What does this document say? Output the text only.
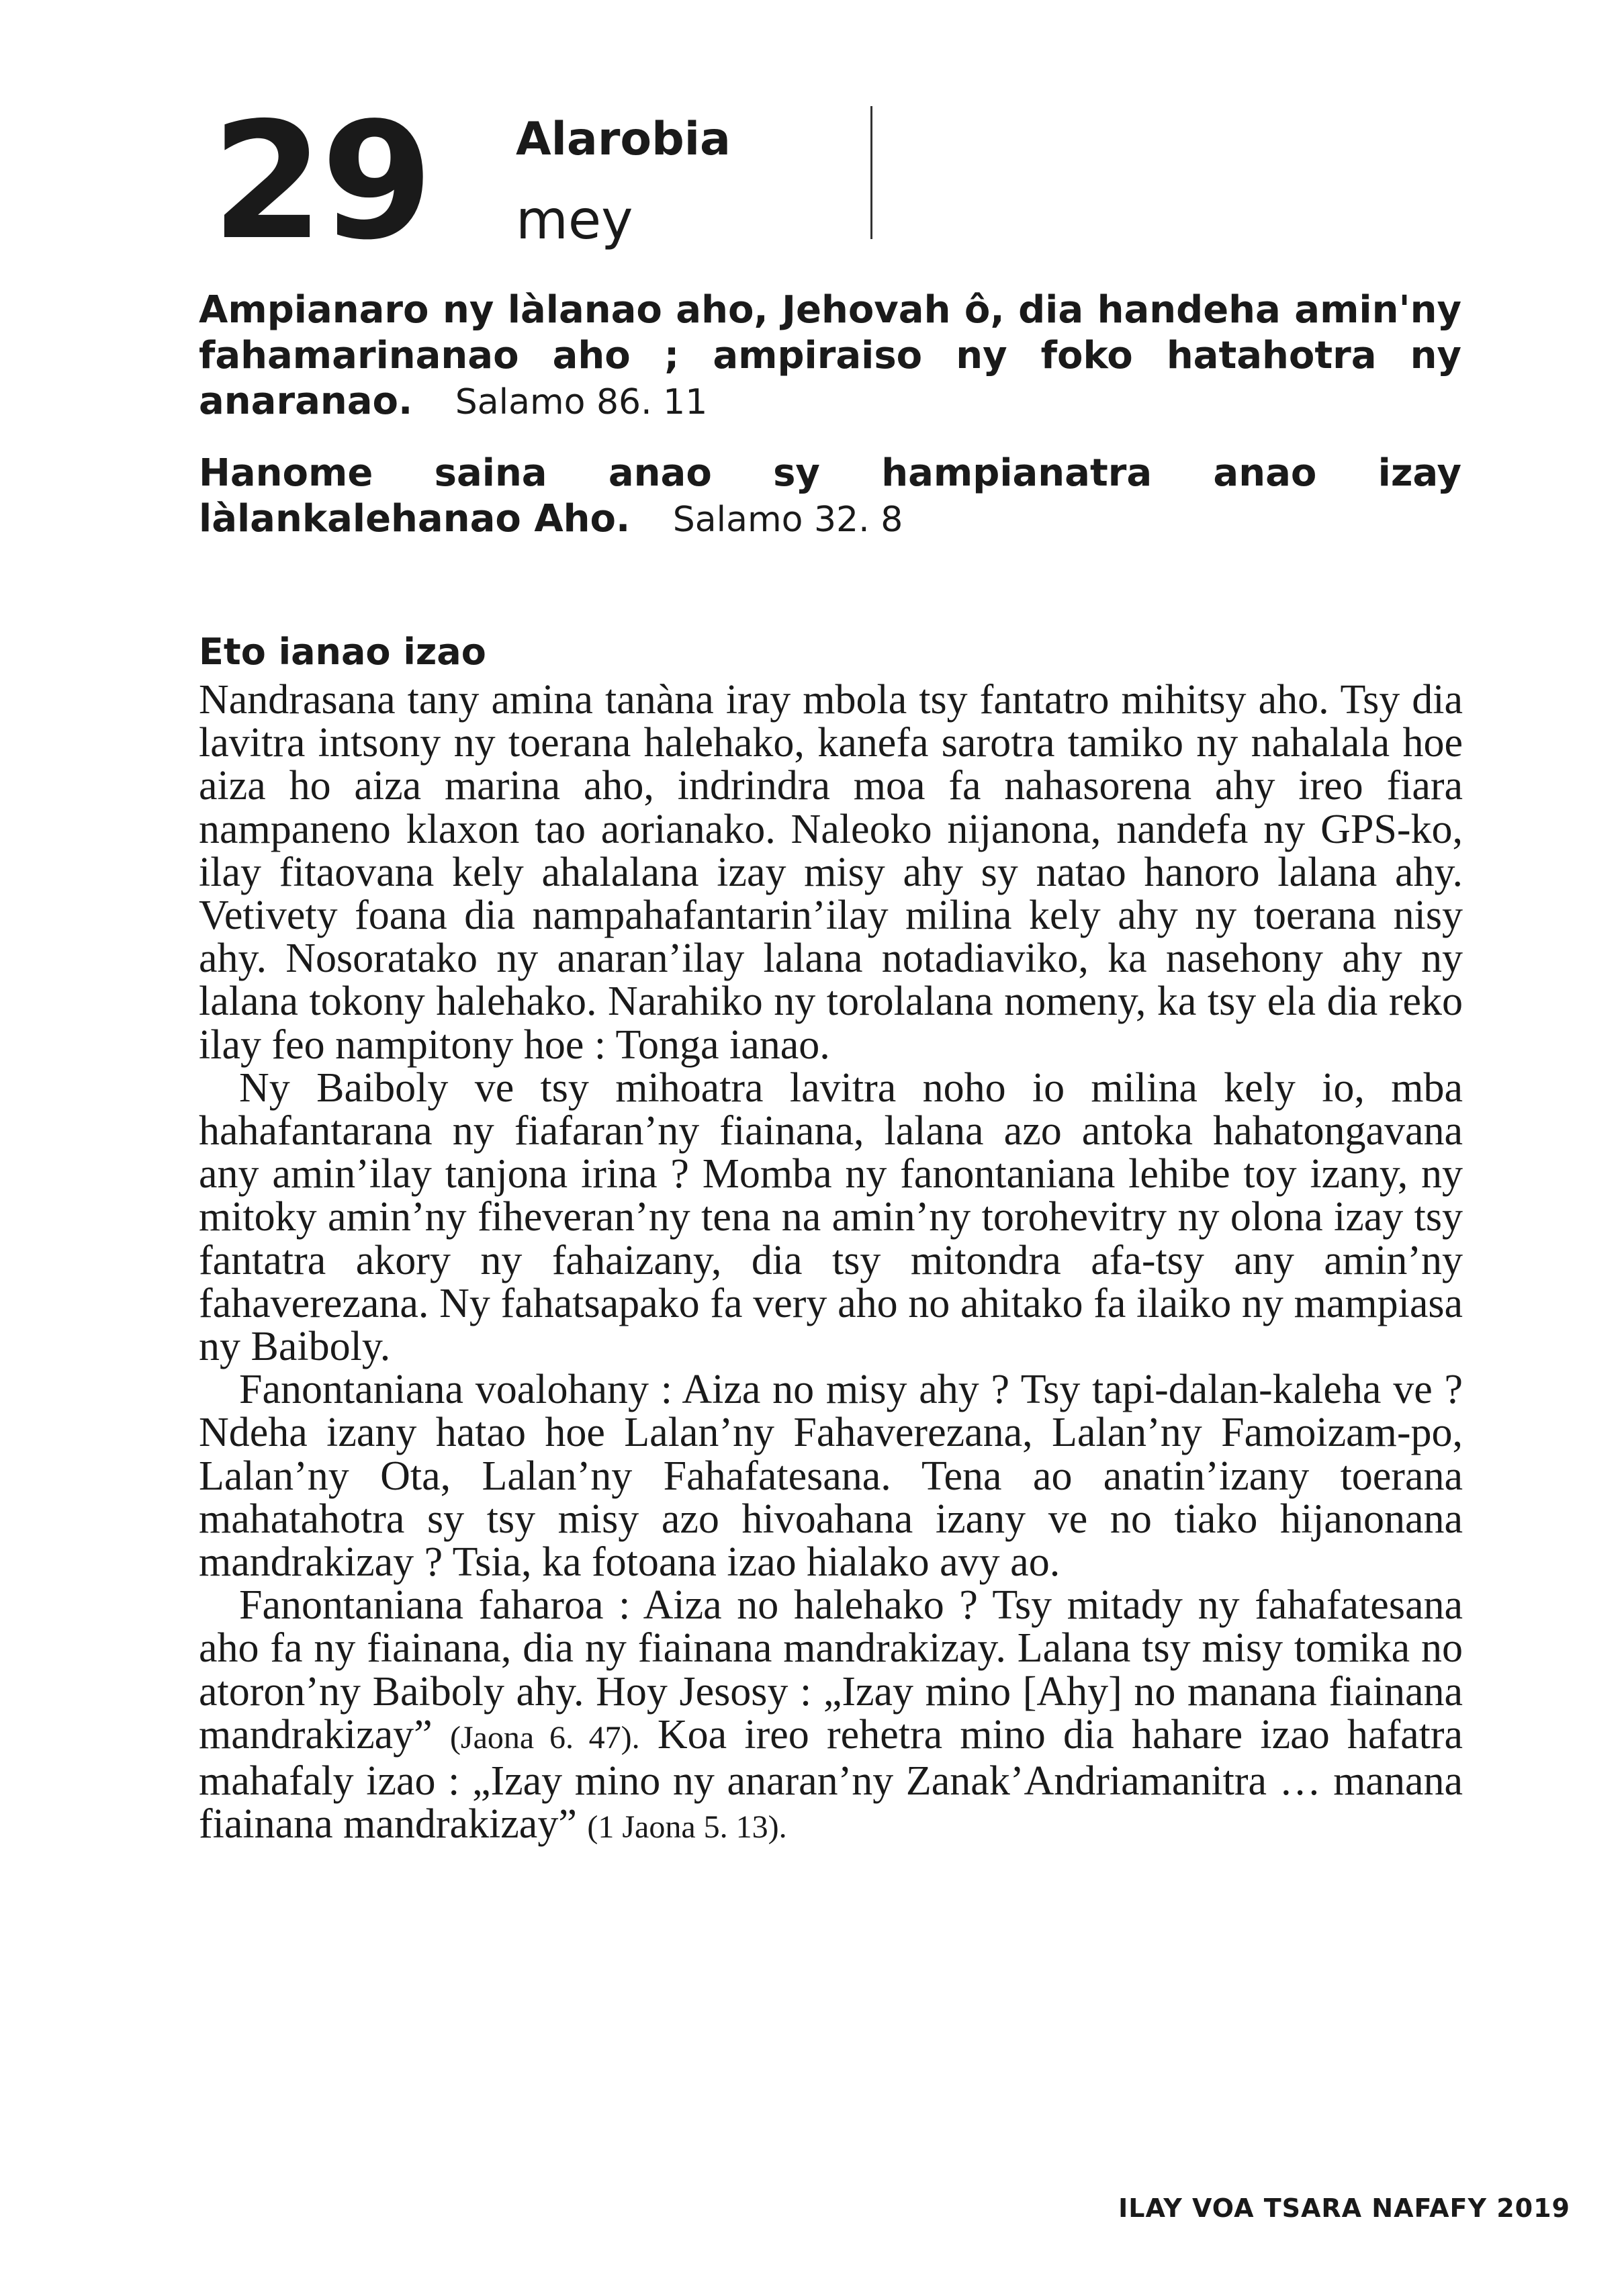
29 Alarobia
mey

Ampianaro ny làlanao aho, Jehovah ô, dia handeha amin'ny fahamarinanao aho ; ampiraiso ny foko hatahotra ny anaranao. Salamo 86. 11

Hanome saina anao sy hampianatra anao izay làlankalehanao Aho. Salamo 32. 8

Eto ianao izao

Nandrasana tany amina tanàna iray mbola tsy fantatro mihitsy aho. Tsy dia lavitra intsony ny toerana halehako, kanefa sarotra tamiko ny nahalala hoe aiza ho aiza marina aho, indrindra moa fa nahasorena ahy ireo fiara nampaneno klaxon tao aorianako. Naleoko nijanona, nandefa ny GPS-ko, ilay fitaovana kely ahalalana izay misy ahy sy natao hanoro lalana ahy. Vetivety foana dia nampahafantarin’ilay milina kely ahy ny toerana nisy ahy. Nosoratako ny anaran’ilay lalana notadiaviko, ka nasehony ahy ny lalana tokony halehako. Narahiko ny torolalana nomeny, ka tsy ela dia reko ilay feo nampitony hoe : Tonga ianao.

Ny Baiboly ve tsy mihoatra lavitra noho io milina kely io, mba hahafantarana ny fiafaran’ny fiainana, lalana azo antoka hahatongavana any amin’ilay tanjona irina ? Momba ny fanontaniana lehibe toy izany, ny mitoky amin’ny fiheveran’ny tena na amin’ny torohevitry ny olona izay tsy fantatra akory ny fahaizany, dia tsy mitondra afa-tsy any amin’ny fahaverezana. Ny fahatsapako fa very aho no ahitako fa ilaiko ny mampiasa ny Baiboly.

Fanontaniana voalohany : Aiza no misy ahy ? Tsy tapi-dalan-kaleha ve ? Ndeha izany hatao hoe Lalan’ny Fahaverezana, Lalan’ny Famoizam-po, Lalan’ny Ota, Lalan’ny Fahafatesana. Tena ao anatin’izany toerana mahatahotra sy tsy misy azo hivoahana izany ve no tiako hijanonana mandrakizay ? Tsia, ka fotoana izao hialako avy ao.

Fanontaniana faharoa : Aiza no halehako ? Tsy mitady ny fahafatesana aho fa ny fiainana, dia ny fiainana mandrakizay. Lalana tsy misy tomika no atoron’ny Baiboly ahy. Hoy Jesosy : „Izay mino [Ahy] no manana fiainana mandrakizay” (Jaona 6. 47). Koa ireo rehetra mino dia hahare izao hafatra mahafaly izao : „Izay mino ny anaran’ny Zanak’Andriamanitra … manana fiainana mandrakizay” (1 Jaona 5. 13).

ILAY VOA TSARA NAFAFY 2019
